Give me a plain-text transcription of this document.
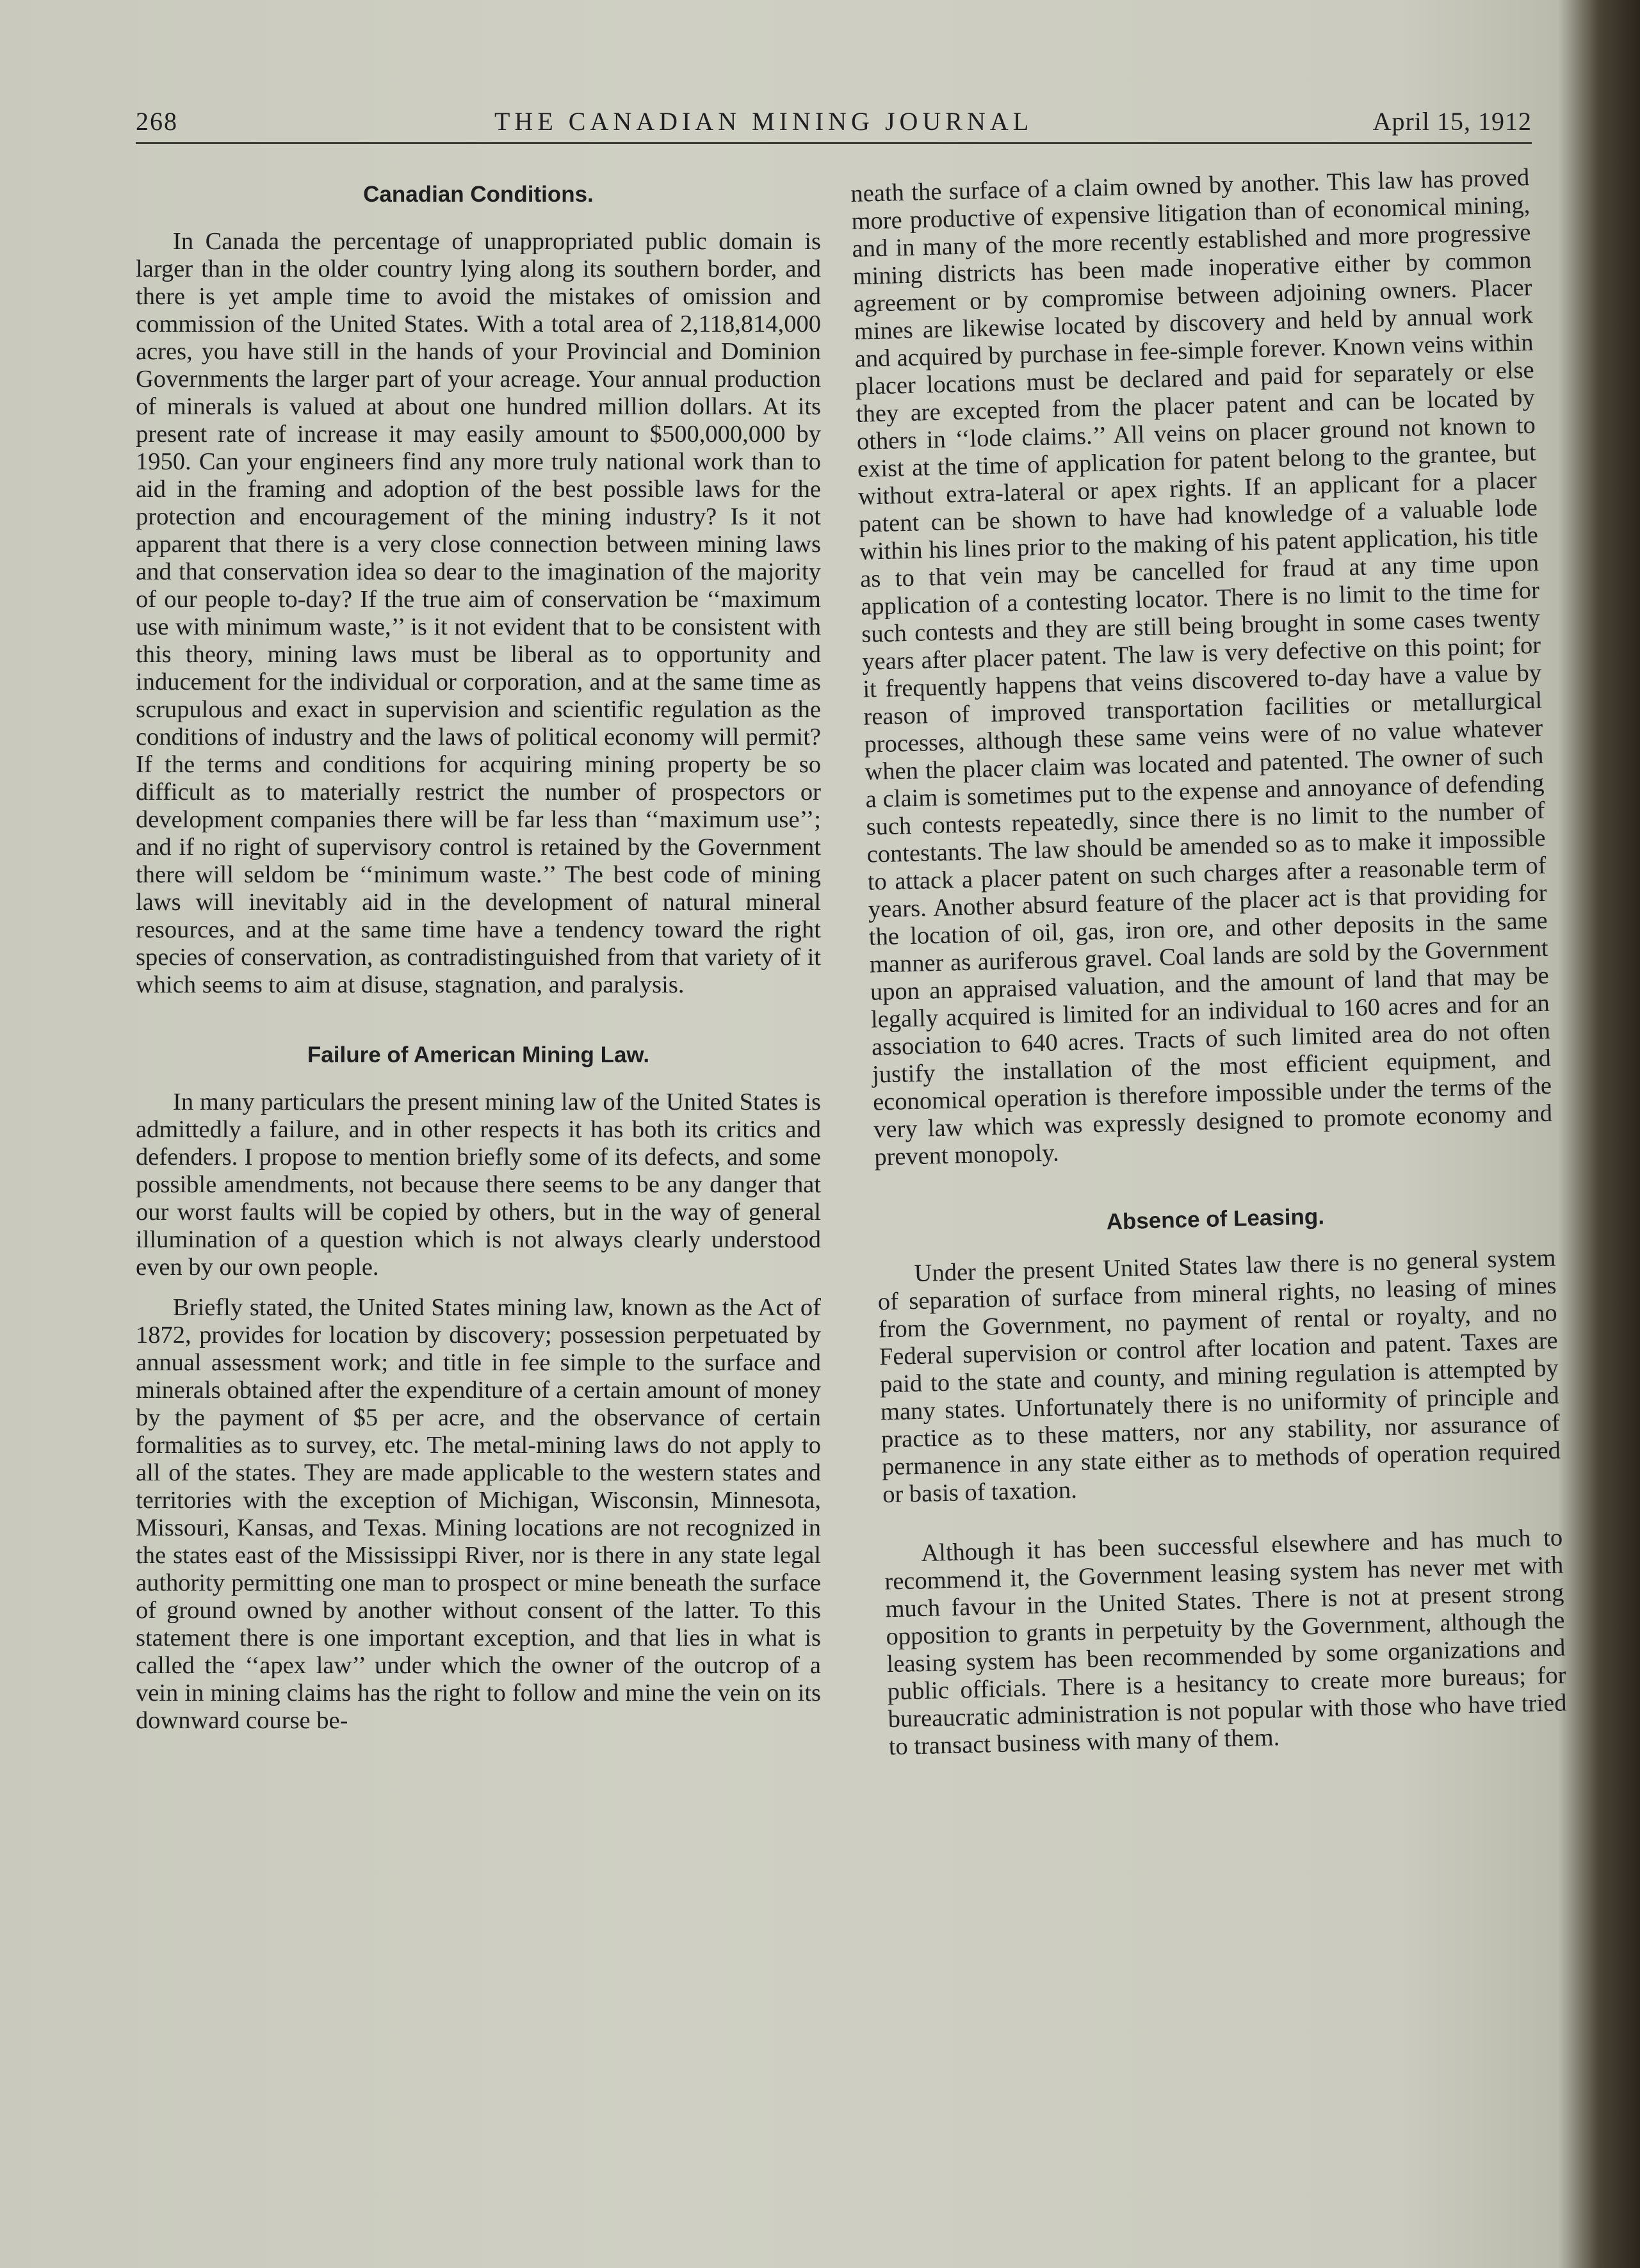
268	THE CANADIAN MINING JOURNAL	April 15, 1912
Canadian Conditions.

In Canada the percentage of unappropriated public domain is larger than in the older country lying along its southern border, and there is yet ample time to avoid the mistakes of omission and commission of the United States. With a total area of 2,118,814,000 acres, you have still in the hands of your Provincial and Dominion Governments the larger part of your acreage. Your annual production of minerals is valued at about one hundred million dollars. At its present rate of increase it may easily amount to $500,000,000 by 1950. Can your engineers find any more truly national work than to aid in the framing and adoption of the best possible laws for the protection and encouragement of the mining industry? Is it not apparent that there is a very close connection between mining laws and that conservation idea so dear to the imagination of the majority of our people to-day? If the true aim of conservation be ‘‘maximum use with minimum waste,’’ is it not evident that to be consistent with this theory, mining laws must be liberal as to opportunity and inducement for the individual or corporation, and at the same time as scrupulous and exact in supervision and scientific regulation as the conditions of industry and the laws of political economy will permit? If the terms and conditions for acquiring mining property be so difficult as to materially restrict the number of prospectors or development companies there will be far less than ‘‘maximum use’’; and if no right of supervisory control is retained by the Government there will seldom be ‘‘minimum waste.’’ The best code of mining laws will inevitably aid in the development of natural mineral resources, and at the same time have a tendency toward the right species of conservation, as contradistinguished from that variety of it which seems to aim at disuse, stagnation, and paralysis.

Failure of American Mining Law.

In many particulars the present mining law of the United States is admittedly a failure, and in other respects it has both its critics and defenders. I propose to mention briefly some of its defects, and some possible amendments, not because there seems to be any danger that our worst faults will be copied by others, but in the way of general illumination of a question which is not always clearly understood even by our own people.

Briefly stated, the United States mining law, known as the Act of 1872, provides for location by discovery; possession perpetuated by annual assessment work; and title in fee simple to the surface and minerals obtained after the expenditure of a certain amount of money by the payment of $5 per acre, and the observance of certain formalities as to survey, etc. The metal-mining laws do not apply to all of the states. They are made applicable to the western states and territories with the exception of Michigan, Wisconsin, Minnesota, Missouri, Kansas, and Texas. Mining locations are not recognized in the states east of the Mississippi River, nor is there in any state legal authority permitting one man to prospect or mine beneath the surface of ground owned by another without consent of the latter. To this statement there is one important exception, and that lies in what is called the ‘‘apex law’’ under which the owner of the outcrop of a vein in mining claims has the right to follow and mine the vein on its downward course be-

neath the surface of a claim owned by another. This law has proved more productive of expensive litigation than of economical mining, and in many of the more recently established and more progressive mining districts has been made inoperative either by common agreement or by compromise between adjoining owners. Placer mines are likewise located by discovery and held by annual work and acquired by purchase in fee-simple forever. Known veins within placer locations must be declared and paid for separately or else they are excepted from the placer patent and can be located by others in ‘‘lode claims.’’ All veins on placer ground not known to exist at the time of application for patent belong to the grantee, but without extra-lateral or apex rights. If an applicant for a placer patent can be shown to have had knowledge of a valuable lode within his lines prior to the making of his patent application, his title as to that vein may be cancelled for fraud at any time upon application of a contesting locator. There is no limit to the time for such contests and they are still being brought in some cases twenty years after placer patent. The law is very defective on this point; for it frequently happens that veins discovered to-day have a value by reason of improved transportation facilities or metallurgical processes, although these same veins were of no value whatever when the placer claim was located and patented. The owner of such a claim is sometimes put to the expense and annoyance of defending such contests repeatedly, since there is no limit to the number of contestants. The law should be amended so as to make it impossible to attack a placer patent on such charges after a reasonable term of years. Another absurd feature of the placer act is that providing for the location of oil, gas, iron ore, and other deposits in the same manner as auriferous gravel. Coal lands are sold by the Government upon an appraised valuation, and the amount of land that may be legally acquired is limited for an individual to 160 acres and for an association to 640 acres. Tracts of such limited area do not often justify the installation of the most efficient equipment, and economical operation is therefore impossible under the terms of the very law which was expressly designed to promote economy and prevent monopoly.

Absence of Leasing.

Under the present United States law there is no general system of separation of surface from mineral rights, no leasing of mines from the Government, no payment of rental or royalty, and no Federal supervision or control after location and patent. Taxes are paid to the state and county, and mining regulation is attempted by many states. Unfortunately there is no uniformity of principle and practice as to these matters, nor any stability, nor assurance of permanence in any state either as to methods of operation required or basis of taxation.

Although it has been successful elsewhere and has much to recommend it, the Government leasing system has never met with much favour in the United States. There is not at present strong opposition to grants in perpetuity by the Government, although the leasing system has been recommended by some organizations and public officials. There is a hesitancy to create more bureaus; for bureaucratic administration is not popular with those who have tried to transact business with many of them.
